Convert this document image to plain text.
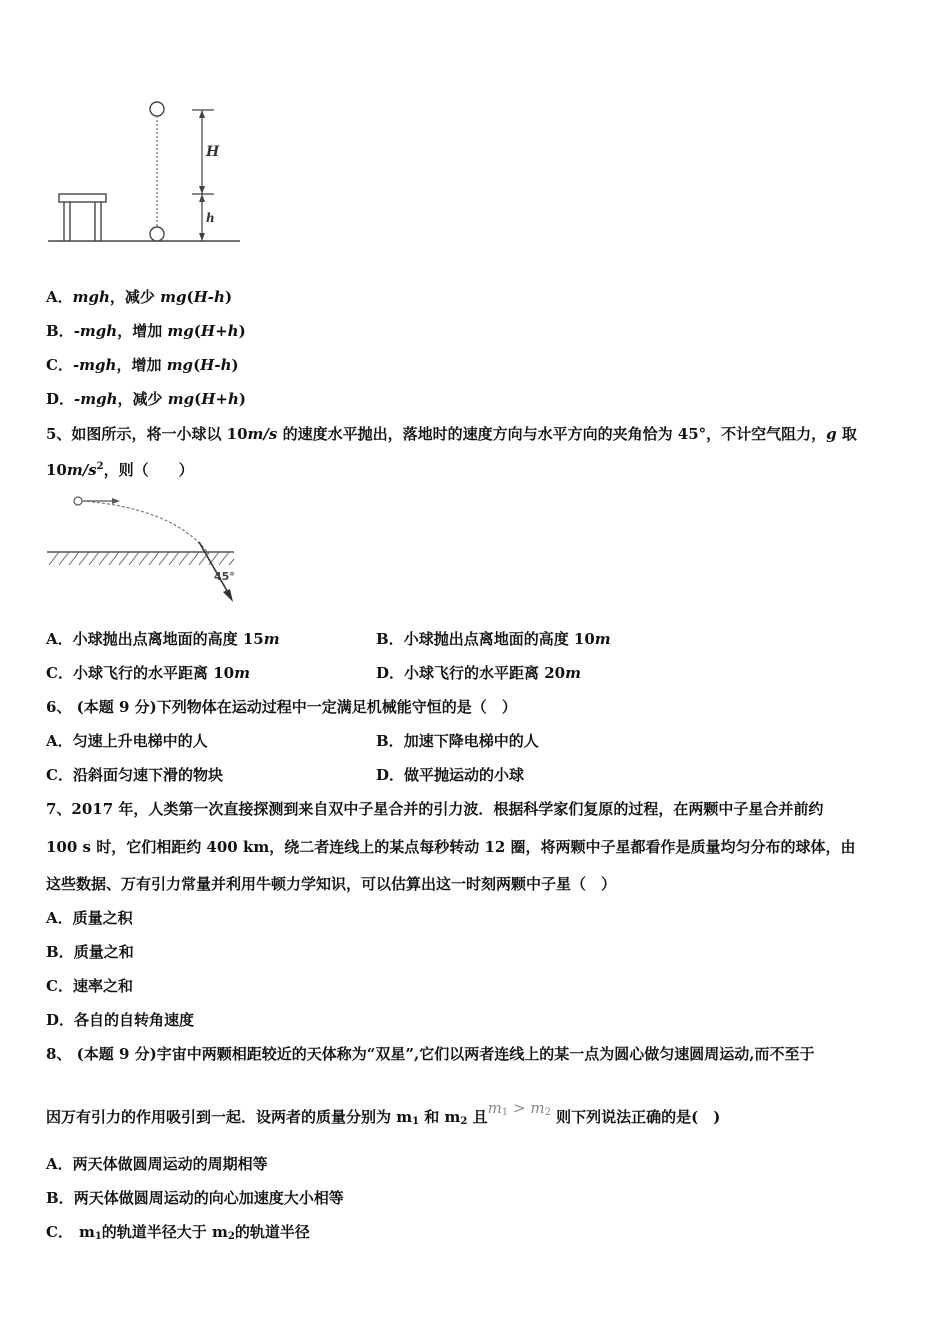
H
h
A．mgh，减少 mg(H-h)
B．-mgh，增加 mg(H+h)
C．-mgh，增加 mg(H-h)
D．-mgh，减少 mg(H+h)
5、如图所示，将一小球以 10m/s 的速度水平抛出，落地时的速度方向与水平方向的夹角恰为 45°，不计空气阻力，g 取
$10m/s^2$，则（　　）
45°
A．小球抛出点离地面的高度 15m	B．小球抛出点离地面的高度 10m
C．小球飞行的水平距离 10m	D．小球飞行的水平距离 20m
6、 (本题 9 分)下列物体在运动过程中一定满足机械能守恒的是（　）
A．匀速上升电梯中的人	B．加速下降电梯中的人
C．沿斜面匀速下滑的物块	D．做平抛运动的小球
7、2017 年，人类第一次直接探测到来自双中子星合并的引力波．根据科学家们复原的过程，在两颗中子星合并前约
100 s 时，它们相距约 400 km，绕二者连线上的某点每秒转动 12 圈，将两颗中子星都看作是质量均匀分布的球体，由
这些数据、万有引力常量并利用牛顿力学知识，可以估算出这一时刻两颗中子星（　）
A．质量之积
B．质量之和
C．速率之和
D．各自的自转角速度
8、 (本题 9 分)宇宙中两颗相距较近的天体称为“双星”,它们以两者连线上的某一点为圆心做匀速圆周运动,而不至于
因万有引力的作用吸引到一起．设两者的质量分别为 $m_1$ 和 $m_2$ 且$m_1 > m_2$ 则下列说法正确的是(　)
A．两天体做圆周运动的周期相等
B．两天体做圆周运动的向心加速度大小相等
C． $m_1$的轨道半径大于 $m_2$的轨道半径
